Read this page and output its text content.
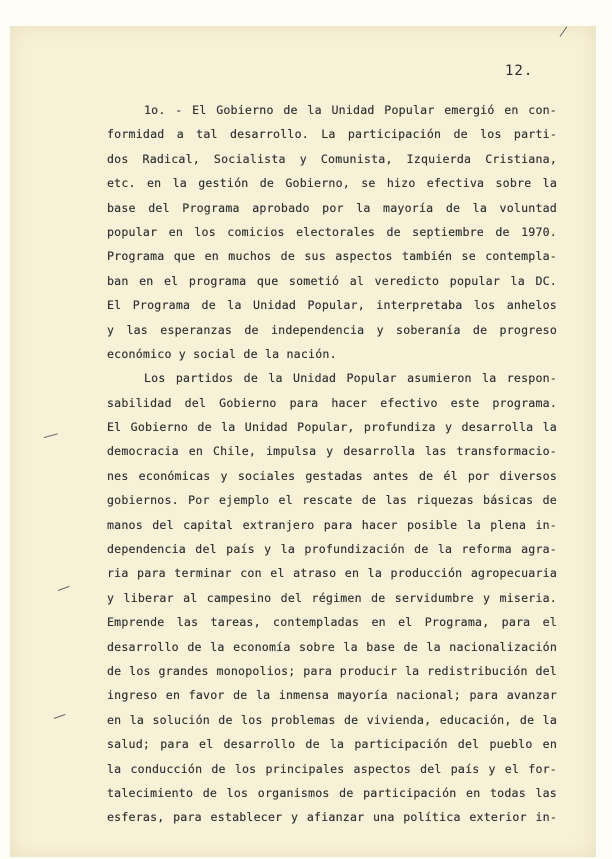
12.
1o. - El Gobierno de la Unidad Popular emergió en con-
formidad a tal desarrollo. La participación de los parti-
dos Radical, Socialista y Comunista, Izquierda Cristiana,
etc. en la gestión de Gobierno, se hizo efectiva sobre la
base del Programa aprobado por la mayoría de la voluntad
popular en los comicios electorales de septiembre de 1970.
Programa que en muchos de sus aspectos también se contempla-
ban en el programa que sometió al veredicto popular la DC.
El Programa de la Unidad Popular, interpretaba los anhelos
y las esperanzas de independencia y soberanía de progreso
económico y social de la nación.
Los partidos de la Unidad Popular asumieron la respon-
sabilidad del Gobierno para hacer efectivo este programa.
El Gobierno de la Unidad Popular, profundiza y desarrolla la
democracia en Chile, impulsa y desarrolla las transformacio-
nes económicas y sociales gestadas antes de él por diversos
gobiernos. Por ejemplo el rescate de las riquezas básicas de
manos del capital extranjero para hacer posible la plena in-
dependencia del país y la profundización de la reforma agra-
ria para terminar con el atraso en la producción agropecuaria
y liberar al campesino del régimen de servidumbre y miseria.
Emprende las tareas, contempladas en el Programa, para el
desarrollo de la economía sobre la base de la nacionalización
de los grandes monopolios; para producir la redistribución del
ingreso en favor de la inmensa mayoría nacional; para avanzar
en la solución de los problemas de vivienda, educación, de la
salud; para el desarrollo de la participación del pueblo en
la conducción de los principales aspectos del país y el for-
talecimiento de los organismos de participación en todas las
esferas, para establecer y afianzar una política exterior in-
